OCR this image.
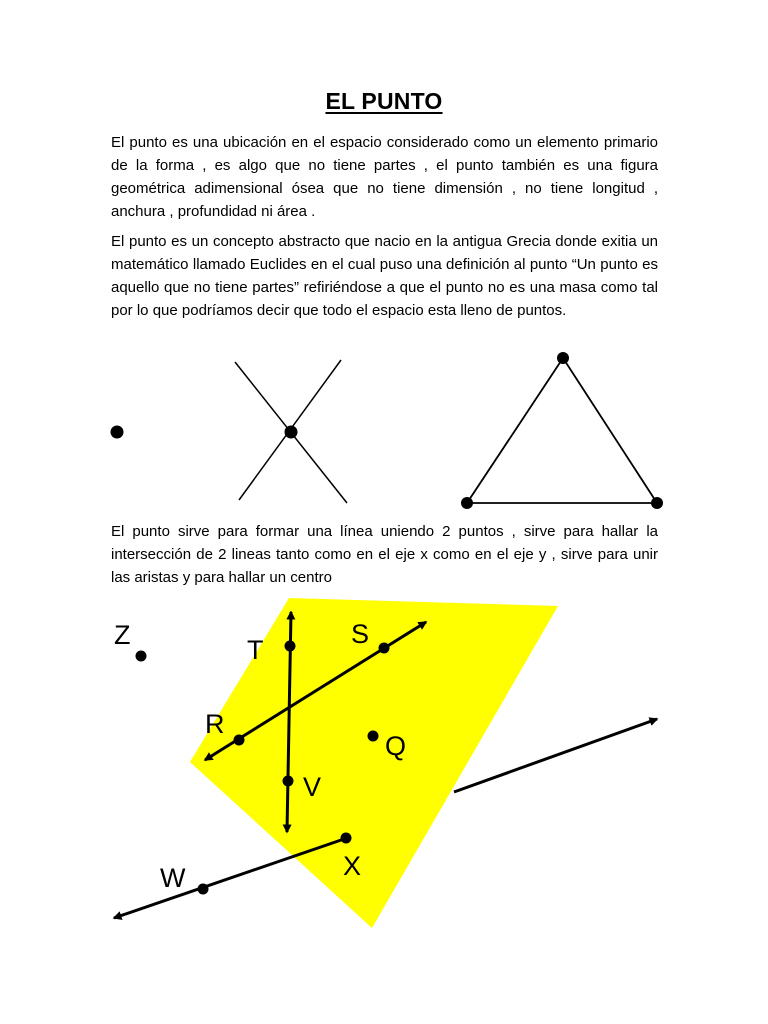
EL PUNTO

El punto es una ubicación en el espacio considerado como un elemento primario de la forma , es algo que no tiene partes , el punto también es una figura geométrica adimensional ósea que no tiene dimensión , no tiene longitud , anchura , profundidad ni área .

El punto es un concepto abstracto que nacio en la antigua Grecia donde exitia un matemático llamado Euclides en el cual puso una definición al punto “Un punto es aquello que no tiene partes” refiriéndose a que el punto no es una masa como tal por lo que podríamos decir que todo el espacio esta lleno de puntos.

El punto sirve para formar una línea uniendo 2 puntos , sirve para hallar la intersección de 2 lineas tanto como en el eje x como en el eje y , sirve para unir las aristas y para hallar un centro

Z	T
S
R
Q
V
X
W
